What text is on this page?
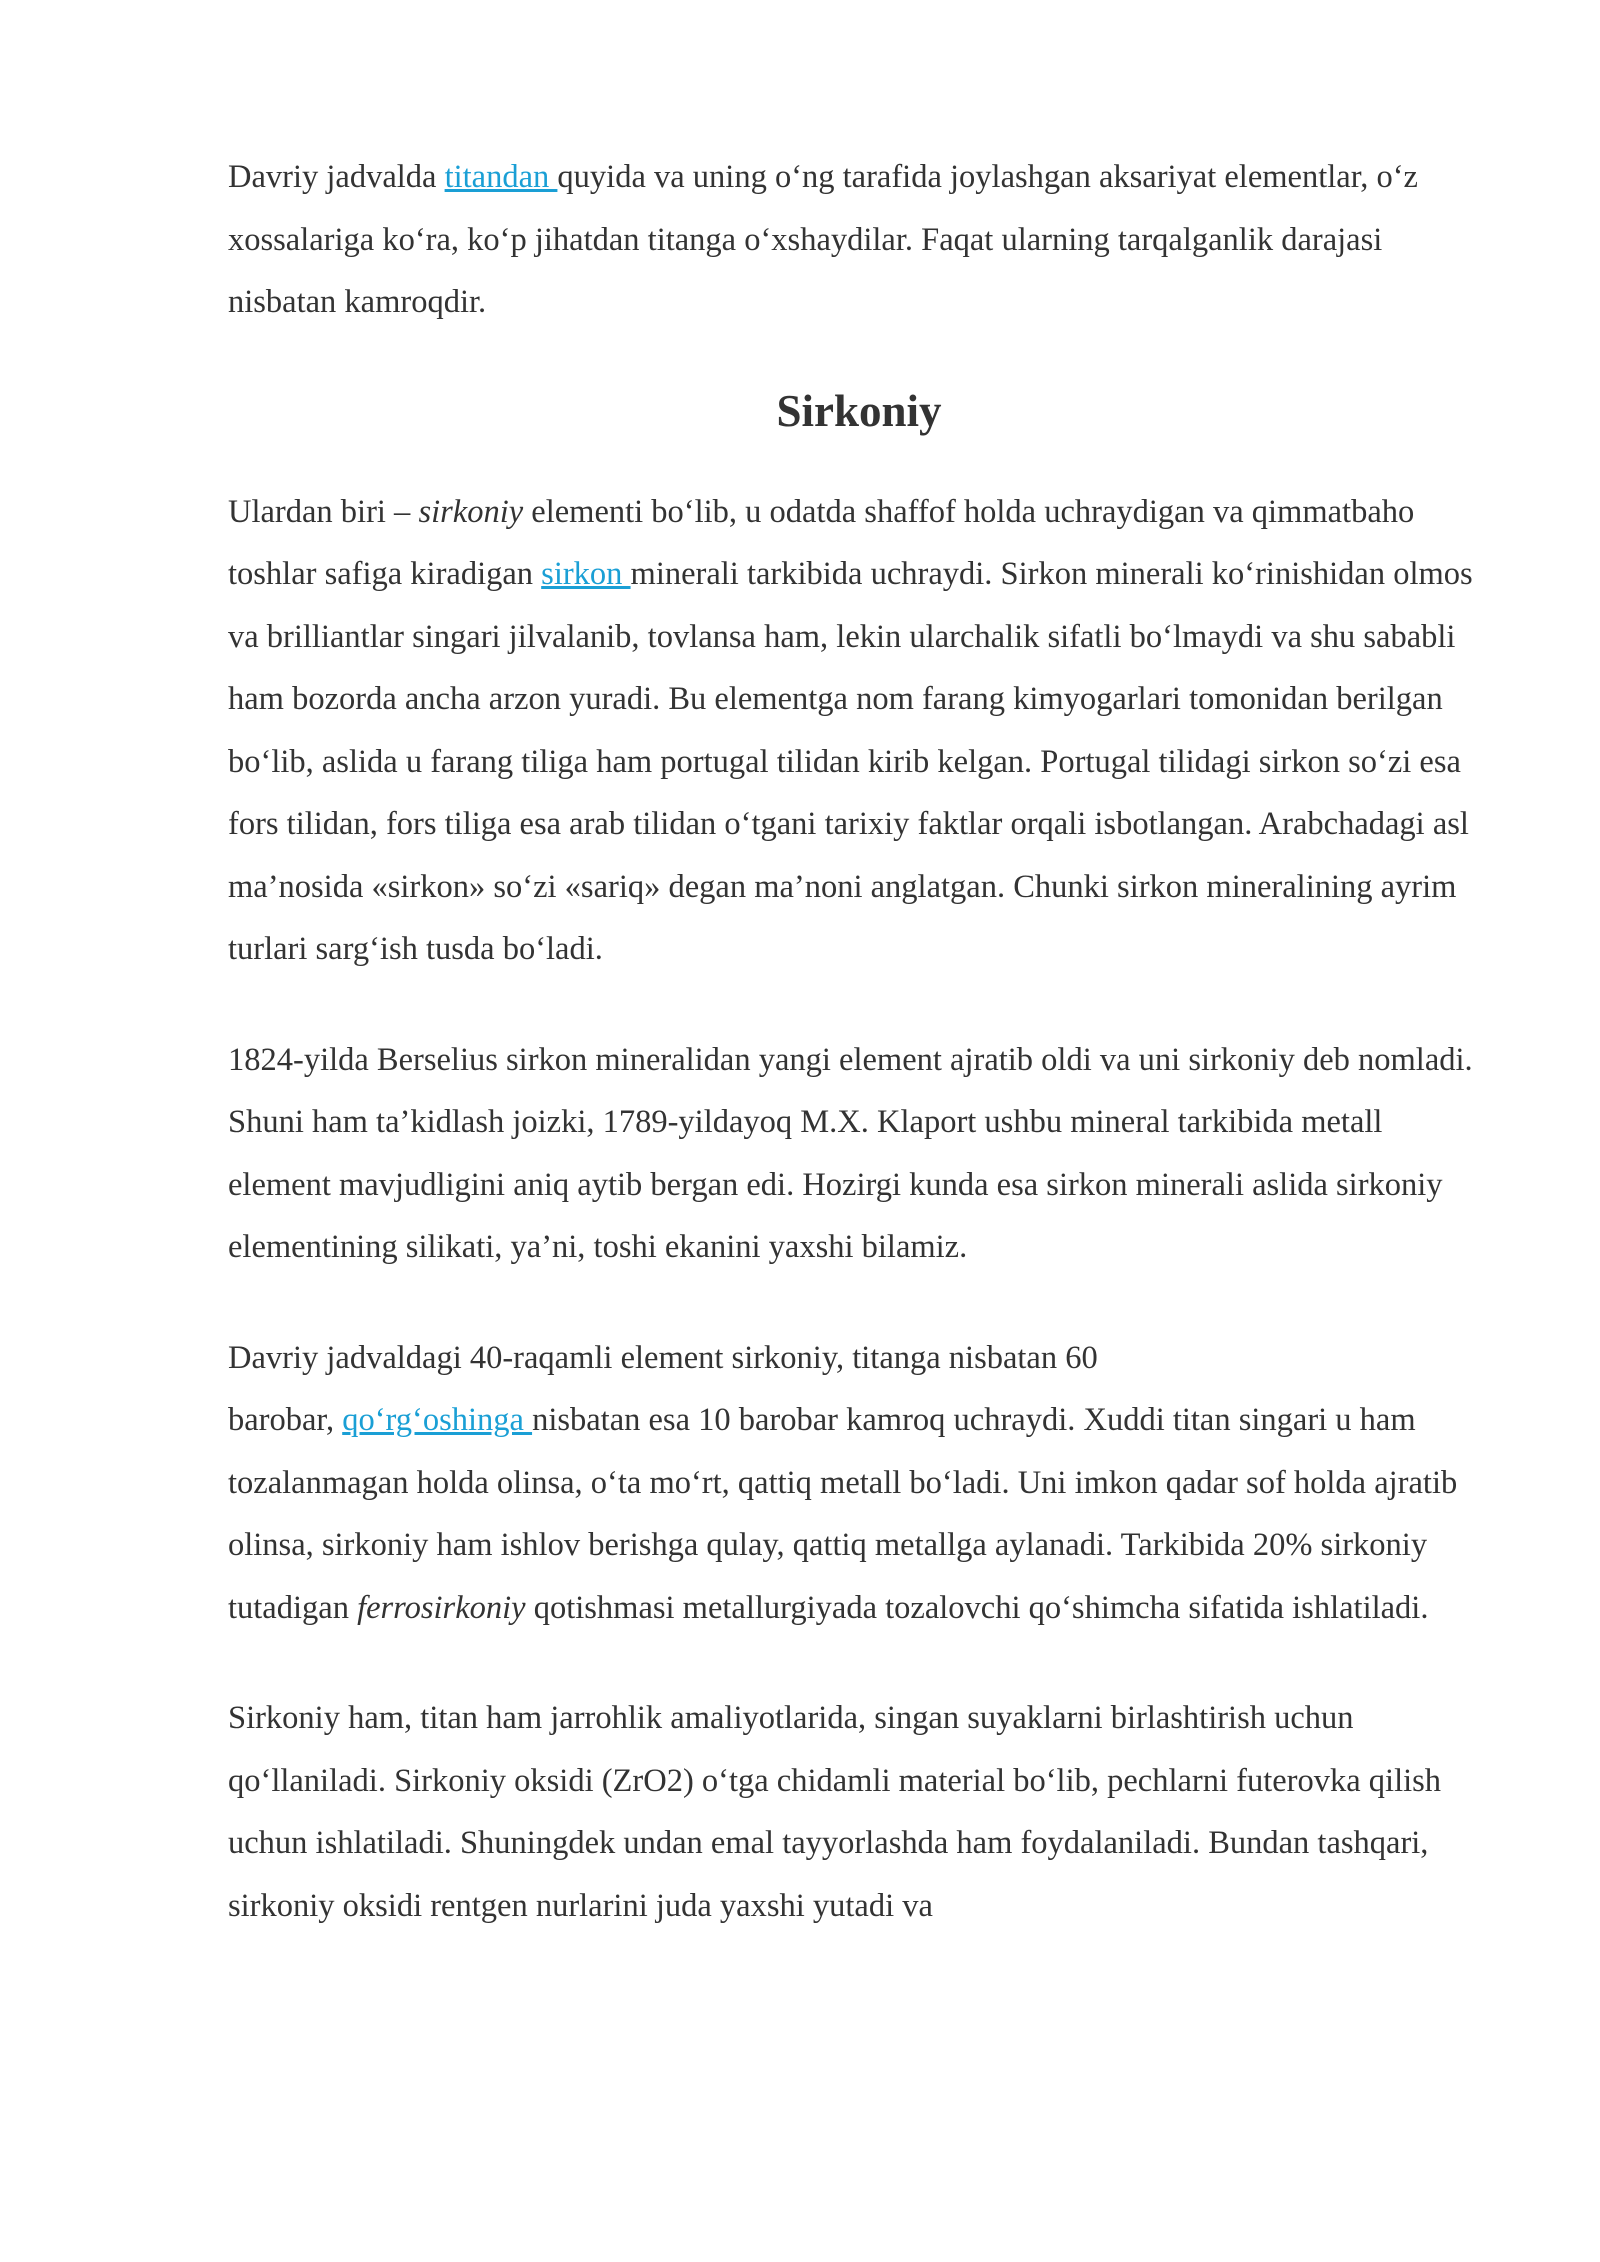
Davriy jadvalda titandan quyida va uning o‘ng tarafida joylashgan aksariyat elementlar, o‘z xossalariga ko‘ra, ko‘p jihatdan titanga o‘xshaydilar. Faqat ularning tarqalganlik darajasi nisbatan kamroqdir.

Sirkoniy

Ulardan biri – sirkoniy elementi bo‘lib, u odatda shaffof holda uchraydigan va qimmatbaho toshlar safiga kiradigan sirkon minerali tarkibida uchraydi. Sirkon minerali ko‘rinishidan olmos va brilliantlar singari jilvalanib, tovlansa ham, lekin ularchalik sifatli bo‘lmaydi va shu sababli ham bozorda ancha arzon yuradi. Bu elementga nom farang kimyogarlari tomonidan berilgan bo‘lib, aslida u farang tiliga ham portugal tilidan kirib kelgan. Portugal tilidagi sirkon so‘zi esa fors tilidan, fors tiliga esa arab tilidan o‘tgani tarixiy faktlar orqali isbotlangan. Arabchadagi asl ma’nosida «sirkon» so‘zi «sariq» degan ma’noni anglatgan. Chunki sirkon mineralining ayrim turlari sarg‘ish tusda bo‘ladi.

1824-yilda Berselius sirkon mineralidan yangi element ajratib oldi va uni sirkoniy deb nomladi. Shuni ham ta’kidlash joizki, 1789-yildayoq M.X. Klaport ushbu mineral tarkibida metall element mavjudligini aniq aytib bergan edi. Hozirgi kunda esa sirkon minerali aslida sirkoniy elementining silikati, ya’ni, toshi ekanini yaxshi bilamiz.

Davriy jadvaldagi 40-raqamli element sirkoniy, titanga nisbatan 60
barobar, qo‘rg‘oshinga nisbatan esa 10 barobar kamroq uchraydi. Xuddi titan singari u ham tozalanmagan holda olinsa, o‘ta mo‘rt, qattiq metall bo‘ladi. Uni imkon qadar sof holda ajratib olinsa, sirkoniy ham ishlov berishga qulay, qattiq metallga aylanadi. Tarkibida 20% sirkoniy tutadigan ferrosirkoniy qotishmasi metallurgiyada tozalovchi qo‘shimcha sifatida ishlatiladi.

Sirkoniy ham, titan ham jarrohlik amaliyotlarida, singan suyaklarni birlashtirish uchun qo‘llaniladi. Sirkoniy oksidi (ZrO2) o‘tga chidamli material bo‘lib, pechlarni futerovka qilish uchun ishlatiladi. Shuningdek undan emal tayyorlashda ham foydalaniladi. Bundan tashqari, sirkoniy oksidi rentgen nurlarini juda yaxshi yutadi va
